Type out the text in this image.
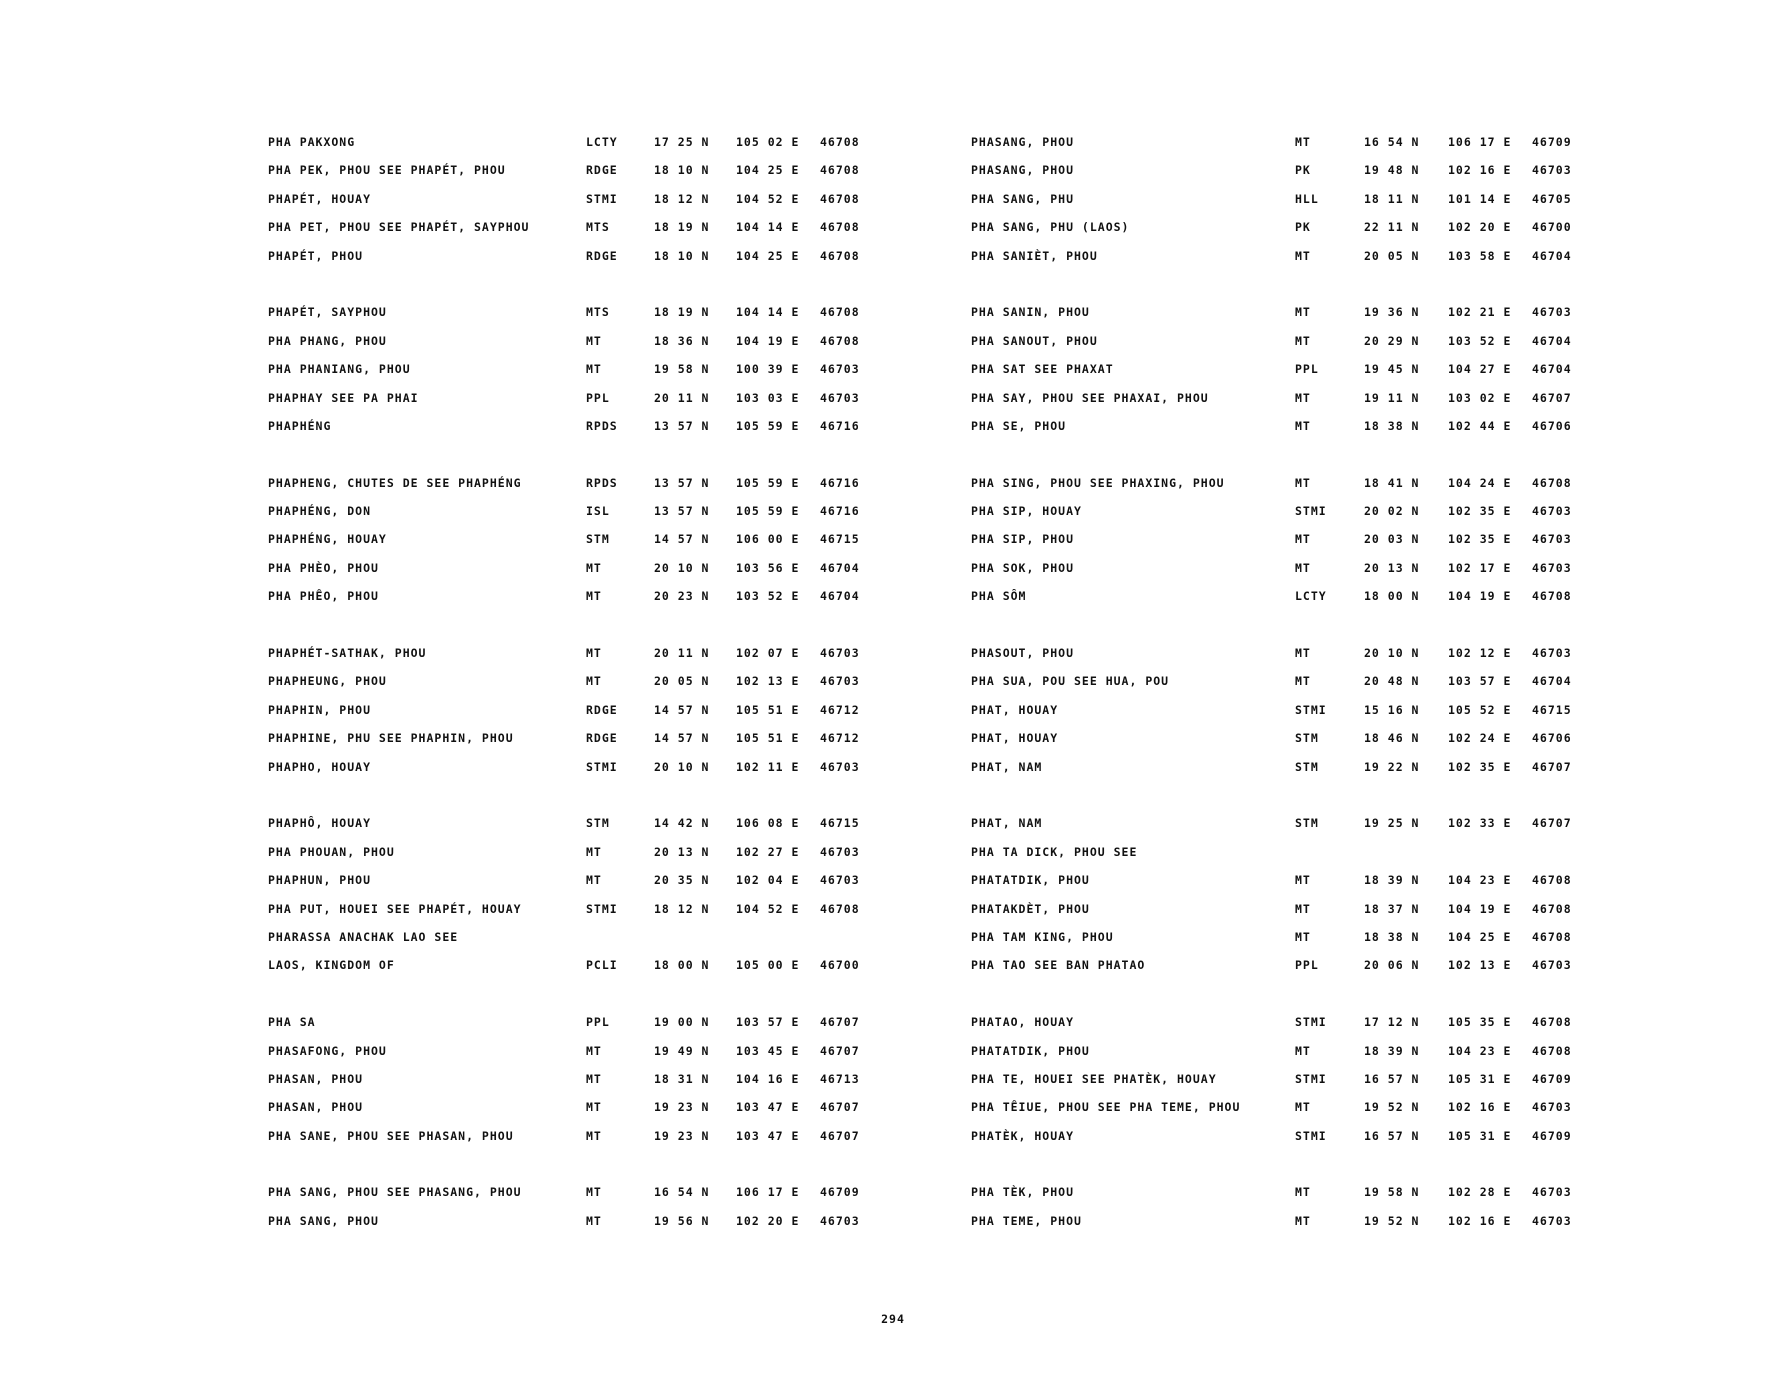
PHA PAKXONG	LCTY	17 25 N 105 02 E 46708
PHA PEK, PHOU SEE PHAPÉT, PHOU	RDGE	18 10 N 104 25 E 46708
PHAPÉT, HOUAY	STMI	18 12 N 104 52 E 46708
PHA PET, PHOU SEE PHAPÉT, SAYPHOU	MTS	18 19 N 104 14 E 46708
PHAPÉT, PHOU	RDGE	18 10 N 104 25 E 46708
PHAPÉT, SAYPHOU	MTS	18 19 N 104 14 E 46708
PHA PHANG, PHOU	MT	18 36 N 104 19 E 46708
PHA PHANIANG, PHOU	MT	19 58 N 100 39 E 46703
PHAPHAY SEE PA PHAI	PPL	20 11 N 103 03 E 46703
PHAPHÉNG	RPDS	13 57 N 105 59 E 46716
PHAPHENG, CHUTES DE SEE PHAPHÉNG	RPDS	13 57 N 105 59 E 46716
PHAPHÉNG, DON	ISL	13 57 N 105 59 E 46716
PHAPHÉNG, HOUAY	STM	14 57 N 106 00 E 46715
PHA PHÈO, PHOU	MT	20 10 N 103 56 E 46704
PHA PHÊO, PHOU	MT	20 23 N 103 52 E 46704
PHAPHÉT-SATHAK, PHOU	MT	20 11 N 102 07 E 46703
PHAPHEUNG, PHOU	MT	20 05 N 102 13 E 46703
PHAPHIN, PHOU	RDGE	14 57 N 105 51 E 46712
PHAPHINE, PHU SEE PHAPHIN, PHOU	RDGE	14 57 N 105 51 E 46712
PHAPHO, HOUAY	STMI	20 10 N 102 11 E 46703
PHAPHÔ, HOUAY	STM	14 42 N 106 08 E 46715
PHA PHOUAN, PHOU	MT	20 13 N 102 27 E 46703
PHAPHUN, PHOU	MT	20 35 N 102 04 E 46703
PHA PUT, HOUEI SEE PHAPÉT, HOUAY	STMI	18 12 N 104 52 E 46708
PHARASSA ANACHAK LAO SEE
LAOS, KINGDOM OF	PCLI	18 00 N 105 00 E 46700
PHA SA	PPL	19 00 N 103 57 E 46707
PHASAFONG, PHOU	MT	19 49 N 103 45 E 46707
PHASAN, PHOU	MT	18 31 N 104 16 E 46713
PHASAN, PHOU	MT	19 23 N 103 47 E 46707
PHA SANE, PHOU SEE PHASAN, PHOU	MT	19 23 N 103 47 E 46707
PHA SANG, PHOU SEE PHASANG, PHOU	MT	16 54 N 106 17 E 46709
PHA SANG, PHOU	MT	19 56 N 102 20 E 46703
PHASANG, PHOU	MT	16 54 N 106 17 E 46709
PHASANG, PHOU	PK	19 48 N 102 16 E 46703
PHA SANG, PHU	HLL	18 11 N 101 14 E 46705
PHA SANG, PHU (LAOS)	PK	22 11 N 102 20 E 46700
PHA SANIÈT, PHOU	MT	20 05 N 103 58 E 46704
PHA SANIN, PHOU	MT	19 36 N 102 21 E 46703
PHA SANOUT, PHOU	MT	20 29 N 103 52 E 46704
PHA SAT SEE PHAXAT	PPL	19 45 N 104 27 E 46704
PHA SAY, PHOU SEE PHAXAI, PHOU	MT	19 11 N 103 02 E 46707
PHA SE, PHOU	MT	18 38 N 102 44 E 46706
PHA SING, PHOU SEE PHAXING, PHOU	MT	18 41 N 104 24 E 46708
PHA SIP, HOUAY	STMI	20 02 N 102 35 E 46703
PHA SIP, PHOU	MT	20 03 N 102 35 E 46703
PHA SOK, PHOU	MT	20 13 N 102 17 E 46703
PHA SÔM	LCTY	18 00 N 104 19 E 46708
PHASOUT, PHOU	MT	20 10 N 102 12 E 46703
PHA SUA, POU SEE HUA, POU	MT	20 48 N 103 57 E 46704
PHAT, HOUAY	STMI	15 16 N 105 52 E 46715
PHAT, HOUAY	STM	18 46 N 102 24 E 46706
PHAT, NAM	STM	19 22 N 102 35 E 46707
PHAT, NAM	STM	19 25 N 102 33 E 46707
PHA TA DICK, PHOU SEE
PHATATDIK, PHOU	MT	18 39 N 104 23 E 46708
PHATAKDÈT, PHOU	MT	18 37 N 104 19 E 46708
PHA TAM KING, PHOU	MT	18 38 N 104 25 E 46708
PHA TAO SEE BAN PHATAO	PPL	20 06 N 102 13 E 46703
PHATAO, HOUAY	STMI	17 12 N 105 35 E 46708
PHATATDIK, PHOU	MT	18 39 N 104 23 E 46708
PHA TE, HOUEI SEE PHATÈK, HOUAY	STMI	16 57 N 105 31 E 46709
PHA TÊIUE, PHOU SEE PHA TEME, PHOU	MT	19 52 N 102 16 E 46703
PHATÈK, HOUAY	STMI	16 57 N 105 31 E 46709
PHA TÈK, PHOU	MT	19 58 N 102 28 E 46703
PHA TEME, PHOU	MT	19 52 N 102 16 E 46703
294
